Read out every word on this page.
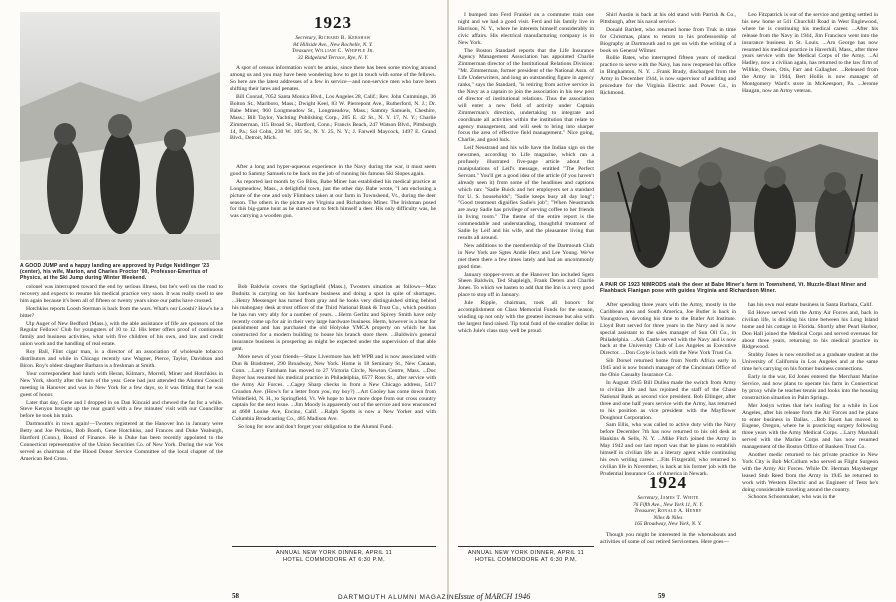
A GOOD JUMP and a happy landing are approved by Pudge Neidlinger '23 (center), his wife, Marion, and Charles Proctor '00, Professor-Emeritus of Physics, at the Ski Jump during Winter Weekend.
1923
Secretary, Richard B. Kershaw
84 Hillside Ave., New Rochelle, N. Y.
Treasurer, William C. Whipple Jr.
32 Ridgeland Terrace, Rye, N. Y.

A spot of census information won't be amiss, since there has been some moving around among us and you may have been wondering how to get in touch with some of the fellows. So here are the latest addresses of a few in service—and non-service men who have been shifting their lares and penates.

Bill Conrad, 7052 Santa Monica Blvd., Los Angeles 28, Calif.; Rev. John Cummings, 36 Bolton St., Marlboro, Mass.; Dwight Keel, 83 W. Pierrepont Ave., Rutherford, N. J.; Dr. Babe Miner, 960 Longmeadow St., Longmeadow, Mass.; Sammy Samuels, Cheshire, Mass.; Bill Taylor, Yachting Publishing Corp., 205 E. 42 St., N. Y. 17, N. Y.; Charlie Zimmerman, 115 Broad St., Hartford, Conn.; Francis Beach, 247 Watson Blvd., Pittsburgh 14, Pa.; Sol Cohn, 230 W. 105 St., N. Y. 25, N. Y.; J. Farwell Maycock, 1497 E. Grand Blvd., Detroit, Mich.

After a long and hyper-aqueous experience in the Navy during the war, it must seem good to Sammy Samuels to be back on the job of running his famous Ski Slopes again.

As reported last month by Go Bliss, Babe Miner has established his medical practice at Longmeadow, Mass., a delightful town, just the other day. Babe wrote, "I am enclosing a picture of the one and only Flimbacs taken at our farm in Townshend, Vt., during the deer season. The others in the picture are Virginia and Richardson Miner. The Irishman posed for this big-game hunt as he started out to fetch himself a deer. His only difficulty was, he was carrying a wooden gun.

colonel was interrupted toward the end by serious illness, but he's well on the road to recovery and expects to resume his medical practice very soon. It was really swell to see him again because it's been all of fifteen or twenty years since our paths have crossed.

Hotchkiss reports Loosh Sterman is back from the wars. What's our Looshi? How's he a bitter?

Ulp Auger of New Bedford (Mass.), with the able assistance of fife are sponsors of the Regular Fellows' Club for youngsters of 10 to 12. His letter offers proof of continuous family and business activities, what with five children of his own, and law and credit union work and the handling of real estate.

Roy Ball, Flint cigar man, is a director of an association of wholesale tobacco distributors and while in Chicago recently saw Wagner, Pierce, Taylor, Davidson and Biron. Roy's oldest daughter Barbara is a freshman at Smith.

Your correspondent had lunch with Heran, Kilmarx, Morrell, Miner and Hotchkiss in New York, shortly after the turn of the year. Gene had just attended the Alumni Council meeting in Hanover and was in New York for a few days, so it was fitting that he was guest of honor.

Later that day, Gene and I dropped in on Dan Kincaid and chewed the fat for a while. Steve Kenyon brought up the rear guard with a few minutes' visit with our Councillor before he took his train.

Dartmouth's in town again!—Twoters registered at the Hanover Inn in January were Betty and Joe Perkins, Bob Booth, Gene Hotchkiss, and Frances and Duke Yeaburgh, Hartford (Conn.), Board of Finance. He is Duke has been recently appointed to the Connecticut representative of the Union Securities Co. of New York. During the war Vos served as chairman of the Blood Donor Service Committee of the local chapter of the American Red Cross.

Bob Baldwin covers the Springfield (Mass.), Twosters situation as follows—Max Budnitz is carrying on his hardware business and doing a spot in spite of shortages. ...Henry Messenger has turned from gray and he looks very distinguished sitting behind his mahogany desk at trust officer of the Third National Bank & Trust Co., which position he has run very ably for a number of years. ...Herm Gerlitz and Spivey Smith have only recently come up for air in their very large hardware business. Herm, however is a bear for punishment and has purchased the old Holyoke YMCA property on which he has constructed for a modern building to house his branch store there. ...Baldwin's general insurance business is prospering as might be expected under the supervision of that able gent.

More news of your friends—Shaw Livermore has left WPB and is now associated with Dun & Bradstreet, 290 Broadway, New York. Home is 18 Seminary St., New Canaan, Conn. ...Larry Farnham has moved to 27 Victoria Circle, Newton Centre, Mass. ...Doc Boyer has resumed his medical practice in Philadelphia, 6577 Ross St., after service with the Army Air Forces. ...Cagey Sharp checks in from a New Chicago address, 5417 Croadon Ave. (How's for a letter from you, my boy?) ...Art Cooley has come down from Whitefield, N. H., to Springfield, Vt. We hope to have more dope from our cross country captain for the next issue. ...Jim Moody is apparently out of the service and now ensconced at 4608 Louise Ave, Encino, Calif. ...Ralph Spotts is now a New Yorker and with Columbia Broadcasting Co., 485 Madison Ave.

So long for now and don't forget your obligation to the Alumni Fund.

ANNUAL NEW YORK DINNER, APRIL 11
HOTEL COMMODORE AT 6:30 P.M.
58	DARTMOUTH ALUMNI MAGAZINE

I bumped into Ferd Frankel on a commuter train one night and we had a good visit. Ferd and his family live in Harrison, N. Y., where he interests himself considerably in civic affairs. His electrical manufacturing company is in New York.

The Boston Standard reports that the Life Insurance Agency Management Association has appointed Charlie Zimmerman director of the Institutional Relations Division: "Mr. Zimmerman, former president of the National Assn. of Life Underwriters, and long an outstanding figure in agency ranks," says the Standard, "is retiring from active service in the Navy as a captain to join the association in his new post of director of institutional relations. Thus the association will enter a new field of activity under Captain Zimmerman's direction, undertaking to integrate and coordinate all activities within the institution that relate to agency management, and will seek to bring into sharper focus the area of effective field management." Nice going, Charlie, and good luck.

Leif Neustrand and his wife have the Indian sign on the newsmen, according to Life magazine, which ran a profusely illustrated five-page article about the manipulations of Leif's message, entitled "The Perfect Servant." You'll get a good idea of the article (if you haven't already seen it) from some of the headlines and captions which ran: "Sadie Buick and her employers set a standard for U. S. households"; "Sadie keeps busy all day long"; "Good treatment dignifies Sadie's job"; "When Neustrands are away Sadie has privilege of serving coffee to her friends in living room." The theme of the entire report is the commendable and understanding, thoughtful treatment of Sadie by Leif and his wife, and the pleasanter living that results all around.

New additions to the membership of the Dartmouth Club in New York are Sgtes Andie Herz and Lee Young. We've met them there a few times lately and had an uncommonly good time.

January stopper-overs at the Hanover Inn included Sgets Sheen Baldwin, Ted Shapleigh, Frank Deters and Charlie Jones. To which we hasten to add that the Inn is a very good place to stop off in January.

Jule Ripple, chairman, took all honors for accomplishment on Class Memorial Funds for the season, winding up not only with the greatest increase but also with the largest fund raised. Tip total fund of the smaller dollar in which Jule's class may well be proud.

Shirl Austin is back at his old stand with Parrish & Co., Pittsburgh, after his naval service.

Donald Bartlett, who returned home from Truk in time for Christmas, plans to return to his professorship of Biography at Dartmouth and to get on with the writing of a book on General Wilmer.

Rollie Bates, who interrupted fifteen years of medical practice to serve with the Navy, has now reopened his office in Binghamton, N. Y. ...Frank Brady, discharged from the Army in December 1944, is now supervisor of auditing and procedure for the Virginia Electric and Power Co., in Richmond.

Leo Fitzpatrick is out of the service and getting settled in his new home at 541 Churchill Road in West Englewood, where he is continuing his medical career. ...After his release from the Navy in 1944, Jim Francisco went into the insurance business in St. Louis. ...Arn George has now resumed his medical practice in Haverhill, Mass., after three years service with the Medical Corps of the Army. ...Al Hadley, now a civilian again, has returned to the law firm of Willkie, Owen, Otis, Farr and Gallagher. ...Released from the Army in 1944, Bert Hollis is now manager of Montgomery Ward's store in McKeesport, Pa. ...Jerome Haugan, now an Army veteran.

A PAIR OF 1923 NIMRODS stalk the deer at Babe Miner's farm in Townshend, Vt. Muzzle-Blast Miner and Flashback Flanigan pose with guides Virginia and Richardson Miner.

After spending three years with the Army, mostly in the Caribbean area and South America, Joe Butler is back in Youngstown, devoting his time to the Butler Art Institute. Lloyd Butt served for three years in the Navy and is now special assistant to the sales manager of Sun Oil Co., in Philadelphia. ...Ash Castle served with the Navy and is now back at the University Club of Los Angeles as Executive Director. ...Don Coyle is back with the New York Trust Co.

Sib Dorsel returned home from North Africa early in 1945 and is now branch manager of the Cincinnati Office of the Ohio Casualty Insurance Co.

In August 1945 Bill Dullea made the switch from Army to civilian life and has rejoined the staff of the Chase National Bank as second vice president. Bob Ellinger, after three and one half years service with the Army, has returned to his position as vice president with the Mayflower Doughnut Corporation.

Sam Ellis, who was called to active duty with the Navy before December 7th has now returned to his old desk at Hankins & Sells, N. Y. ...Mike Fitch joined the Army in May 1942 and our last report was that he plans to establish himself in civilian life as a literary agent while continuing his own writing career. ...Fits Fitzgerald, who returned to civilian life in November, is back at his former job with the Prudential Insurance Co. of America in Newark.

1924
Secretary, James T. White
76 Fifth Ave., New York 11, N. Y.
Treasurer, Ronald A. Henry
Niles & Niles
165 Broadway, New York, N. Y.

Though you might be interested in the whereabouts and activities of some of our retired Servicemen. Here goes—

has his own real estate business in Santa Barbara, Calif.

Ed Howe served with the Army Air Forces and, back in civilian life, is dividing his time between his Long Island home and his cottage in Florida. Shortly after Pearl Harbor, Don Hall joined the Medical Corps and served overseas for about three years, returning to his medical practice in Ridgewood.

Stubby Jones is now enrolled as a graduate student at the University of California in Los Angeles and at the same time he's carrying on his former business connections.

Early in the war, Ed Jones entered the Merchant Marine Service, and now plans to operate his farm in Connecticut by proxy while he teaches tennis and looks into the housing construction situation in Palm Springs.

Mer Joslyn writes that he's loafing for a while in Los Angeles, after his release from the Air Forces and he plans to enter business in Dallas. ...Bob Knott has moved to Eugene, Oregon, where he is practicing surgery following three years with the Army Medical Corps. ...Larry Marshall served with the Marine Corps and has now resumed management of the Boston Office of Bankers Trust Co.

Another medic returned to his private practice in New York City is Bob McCollum who served as Flight Surgeon with the Army Air Forces. While Dr. Herman Maysberger leased Stub Reed from the Army in 1945 he returned to work with Western Electric and as Engineer of Tests he's doing considerable traveling around the country.

Schoons Schoonmaker, who was in the

ANNUAL NEW YORK DINNER, APRIL 11
HOTEL COMMODORE AT 6:30 P.M.
Issue of MARCH 1946	59
